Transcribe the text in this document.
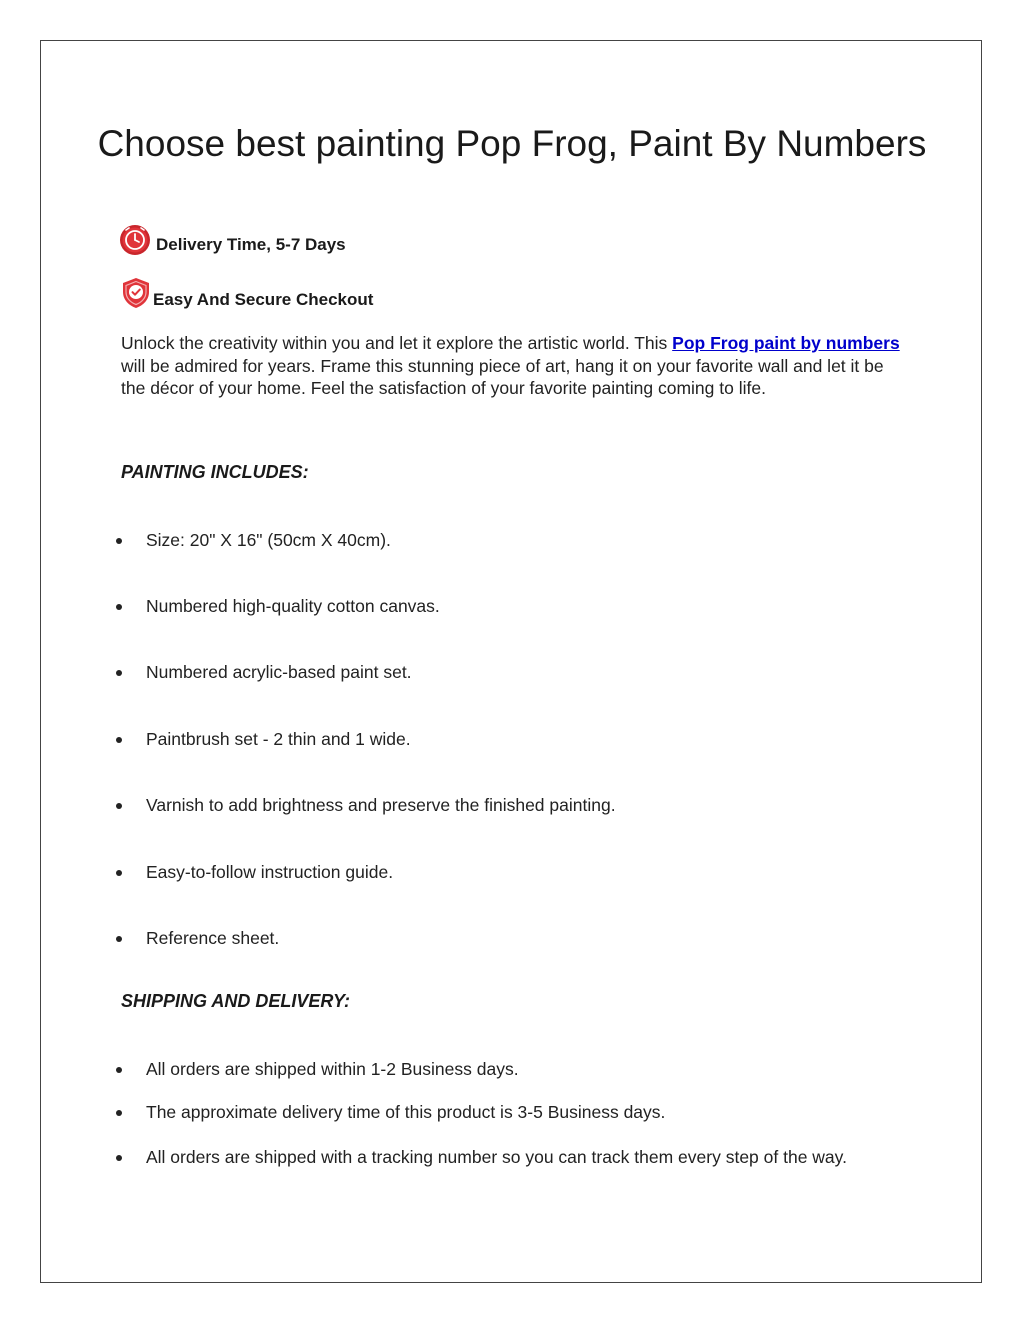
Choose best painting Pop Frog, Paint By Numbers
Delivery Time, 5-7 Days
Easy And Secure Checkout

Unlock the creativity within you and let it explore the artistic world. This Pop Frog paint by numbers will be admired for years. Frame this stunning piece of art, hang it on your favorite wall and let it be the décor of your home. Feel the satisfaction of your favorite painting coming to life.

PAINTING INCLUDES:
Size: 20" X 16" (50cm X 40cm).
Numbered high-quality cotton canvas.
Numbered acrylic-based paint set.
Paintbrush set - 2 thin and 1 wide.
Varnish to add brightness and preserve the finished painting.
Easy-to-follow instruction guide.
Reference sheet.
SHIPPING AND DELIVERY:
All orders are shipped within 1-2 Business days.
The approximate delivery time of this product is 3-5 Business days.
All orders are shipped with a tracking number so you can track them every step of the way.
